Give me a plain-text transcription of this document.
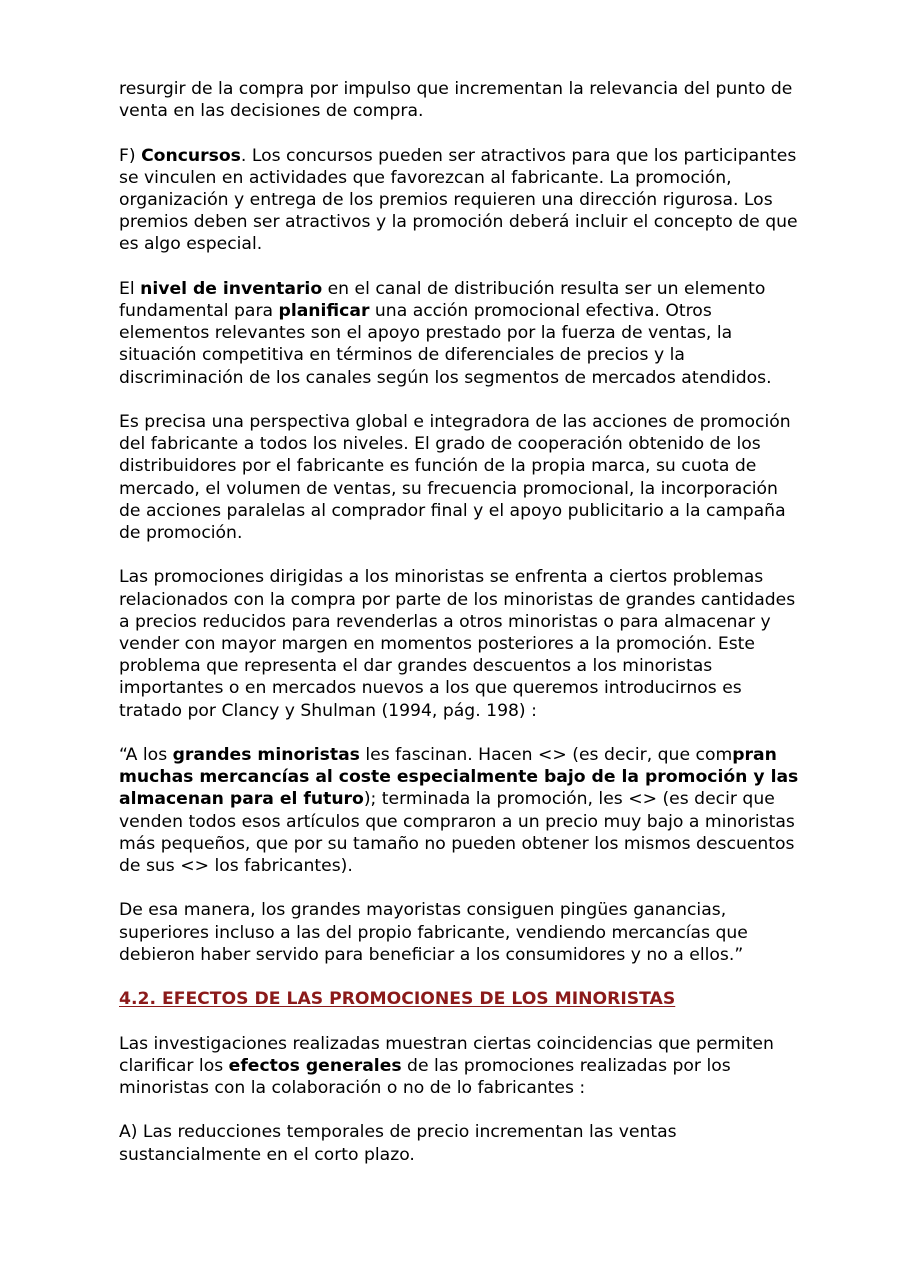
resurgir de la compra por impulso que incrementan la relevancia del punto de venta en las decisiones de compra.

F) Concursos. Los concursos pueden ser atractivos para que los participantes se vinculen en actividades que favorezcan al fabricante. La promoción, organización y entrega de los premios requieren una dirección rigurosa. Los premios deben ser atractivos y la promoción deberá incluir el concepto de que es algo especial.

El nivel de inventario en el canal de distribución resulta ser un elemento fundamental para planificar una acción promocional efectiva. Otros elementos relevantes son el apoyo prestado por la fuerza de ventas, la situación competitiva en términos de diferenciales de precios y la discriminación de los canales según los segmentos de mercados atendidos.

Es precisa una perspectiva global e integradora de las acciones de promoción del fabricante a todos los niveles. El grado de cooperación obtenido de los distribuidores por el fabricante es función de la propia marca, su cuota de mercado, el volumen de ventas, su frecuencia promocional, la incorporación de acciones paralelas al comprador final y el apoyo publicitario a la campaña de promoción.

Las promociones dirigidas a los minoristas se enfrenta a ciertos problemas relacionados con la compra por parte de los minoristas de grandes cantidades a precios reducidos para revenderlas a otros minoristas o para almacenar y vender con mayor margen en momentos posteriores a la promoción. Este problema que representa el dar grandes descuentos a los minoristas importantes o en mercados nuevos a los que queremos introducirnos es tratado por Clancy y Shulman (1994, pág. 198) :

“A los grandes minoristas les fascinan. Hacen <> (es decir, que compran muchas mercancías al coste especialmente bajo de la promoción y las almacenan para el futuro); terminada la promoción, les <> (es decir que venden todos esos artículos que compraron a un precio muy bajo a minoristas más pequeños, que por su tamaño no pueden obtener los mismos descuentos de sus <> los fabricantes).

De esa manera, los grandes mayoristas consiguen pingües ganancias, superiores incluso a las del propio fabricante, vendiendo mercancías que debieron haber servido para beneficiar a los consumidores y no a ellos.”

4.2. EFECTOS DE LAS PROMOCIONES DE LOS MINORISTAS

Las investigaciones realizadas muestran ciertas coincidencias que permiten clarificar los efectos generales de las promociones realizadas por los minoristas con la colaboración o no de lo fabricantes :

A) Las reducciones temporales de precio incrementan las ventas sustancialmente en el corto plazo.
